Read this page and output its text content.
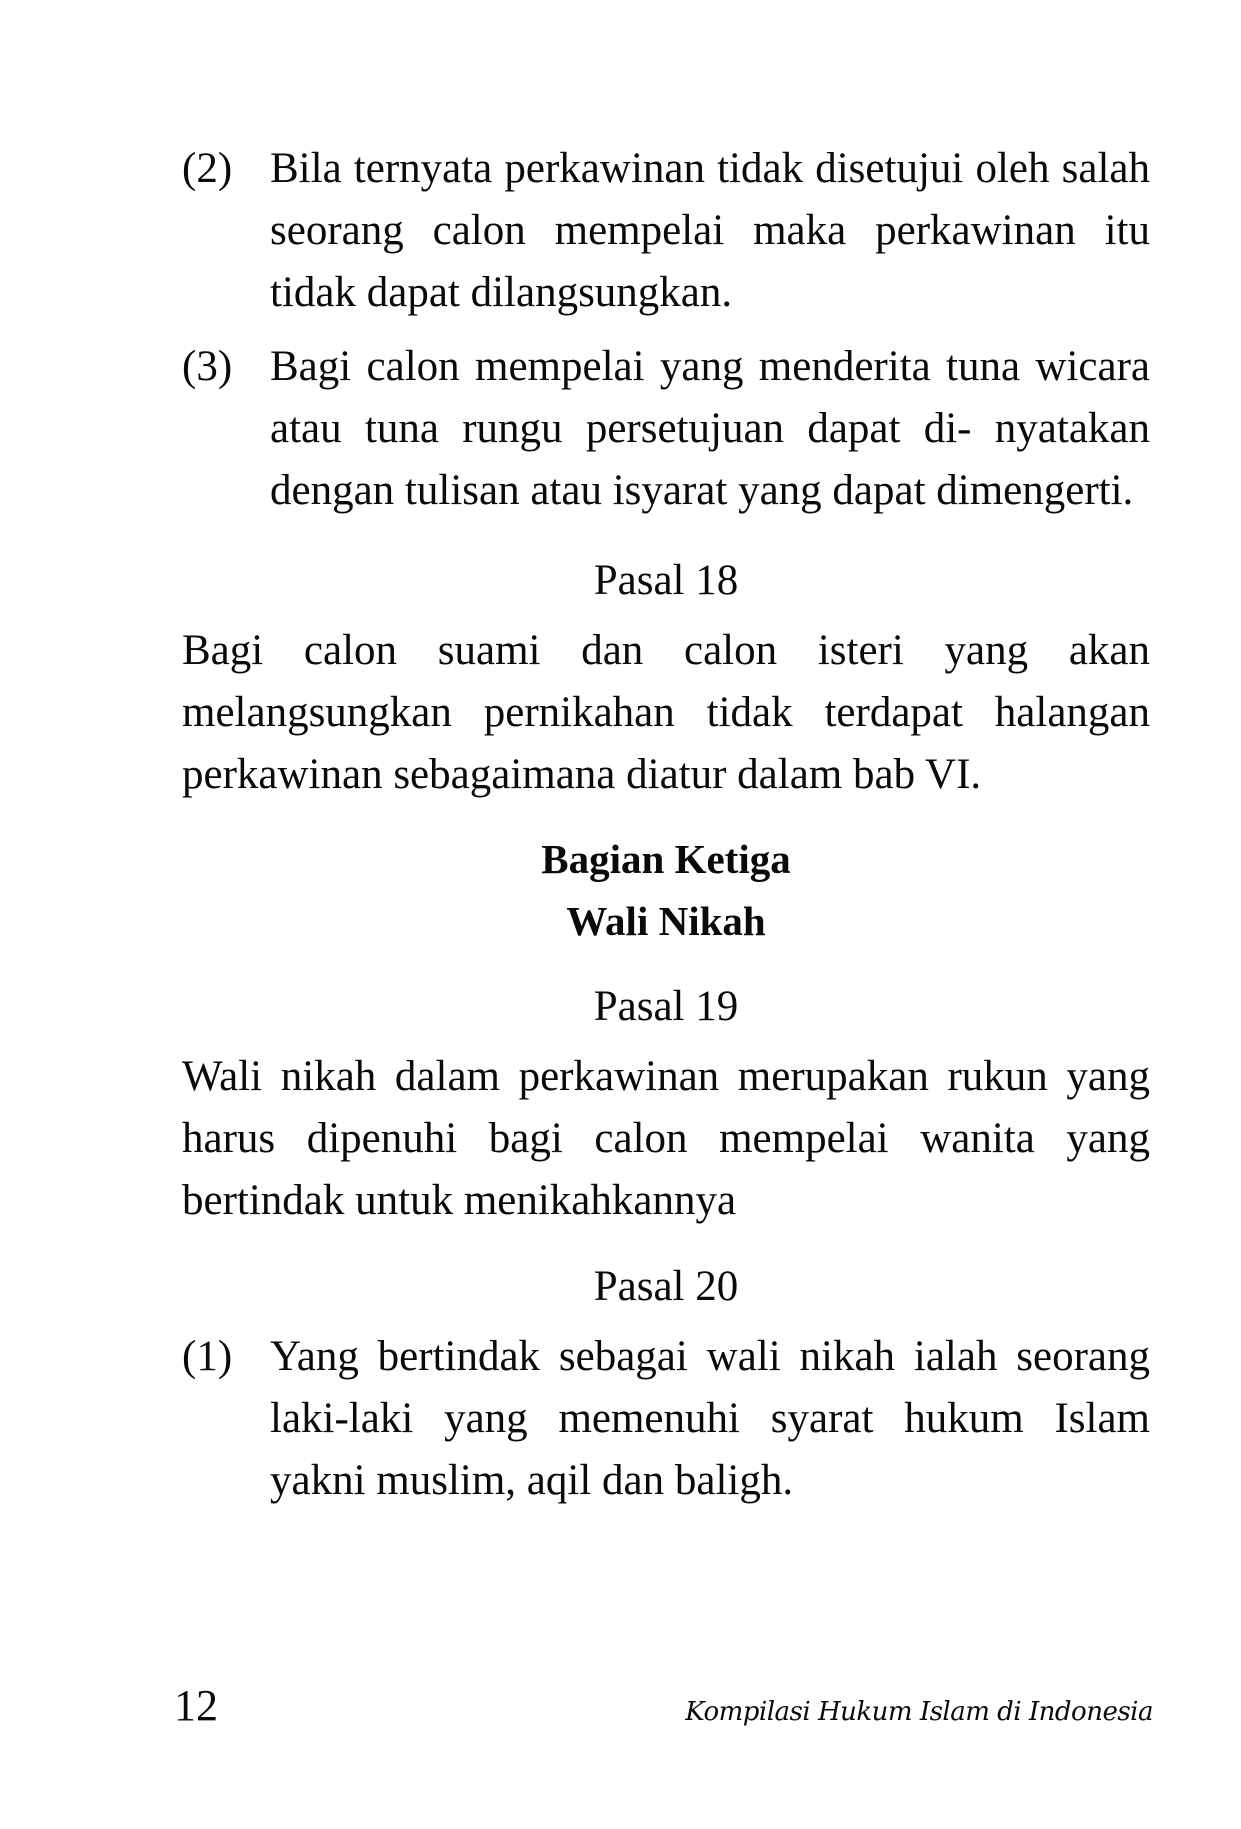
(2) Bila ternyata perkawinan tidak disetujui oleh salah seorang calon mempelai maka perkawinan itu tidak dapat dilangsungkan.
(3) Bagi calon mempelai yang menderita tuna wicara atau tuna rungu persetujuan dapat di- nyatakan dengan tulisan atau isyarat yang dapat dimengerti.
Pasal 18
Bagi calon suami dan calon isteri yang akan melangsungkan pernikahan tidak terdapat halangan perkawinan sebagaimana diatur dalam bab VI.
Bagian Ketiga
Wali Nikah
Pasal 19
Wali nikah dalam perkawinan merupakan rukun yang harus dipenuhi bagi calon mempelai wanita yang bertindak untuk menikahkannya
Pasal 20
(1) Yang bertindak sebagai wali nikah ialah seorang laki-laki yang memenuhi syarat hukum Islam yakni muslim, aqil dan baligh.
12	Kompilasi Hukum Islam di Indonesia
